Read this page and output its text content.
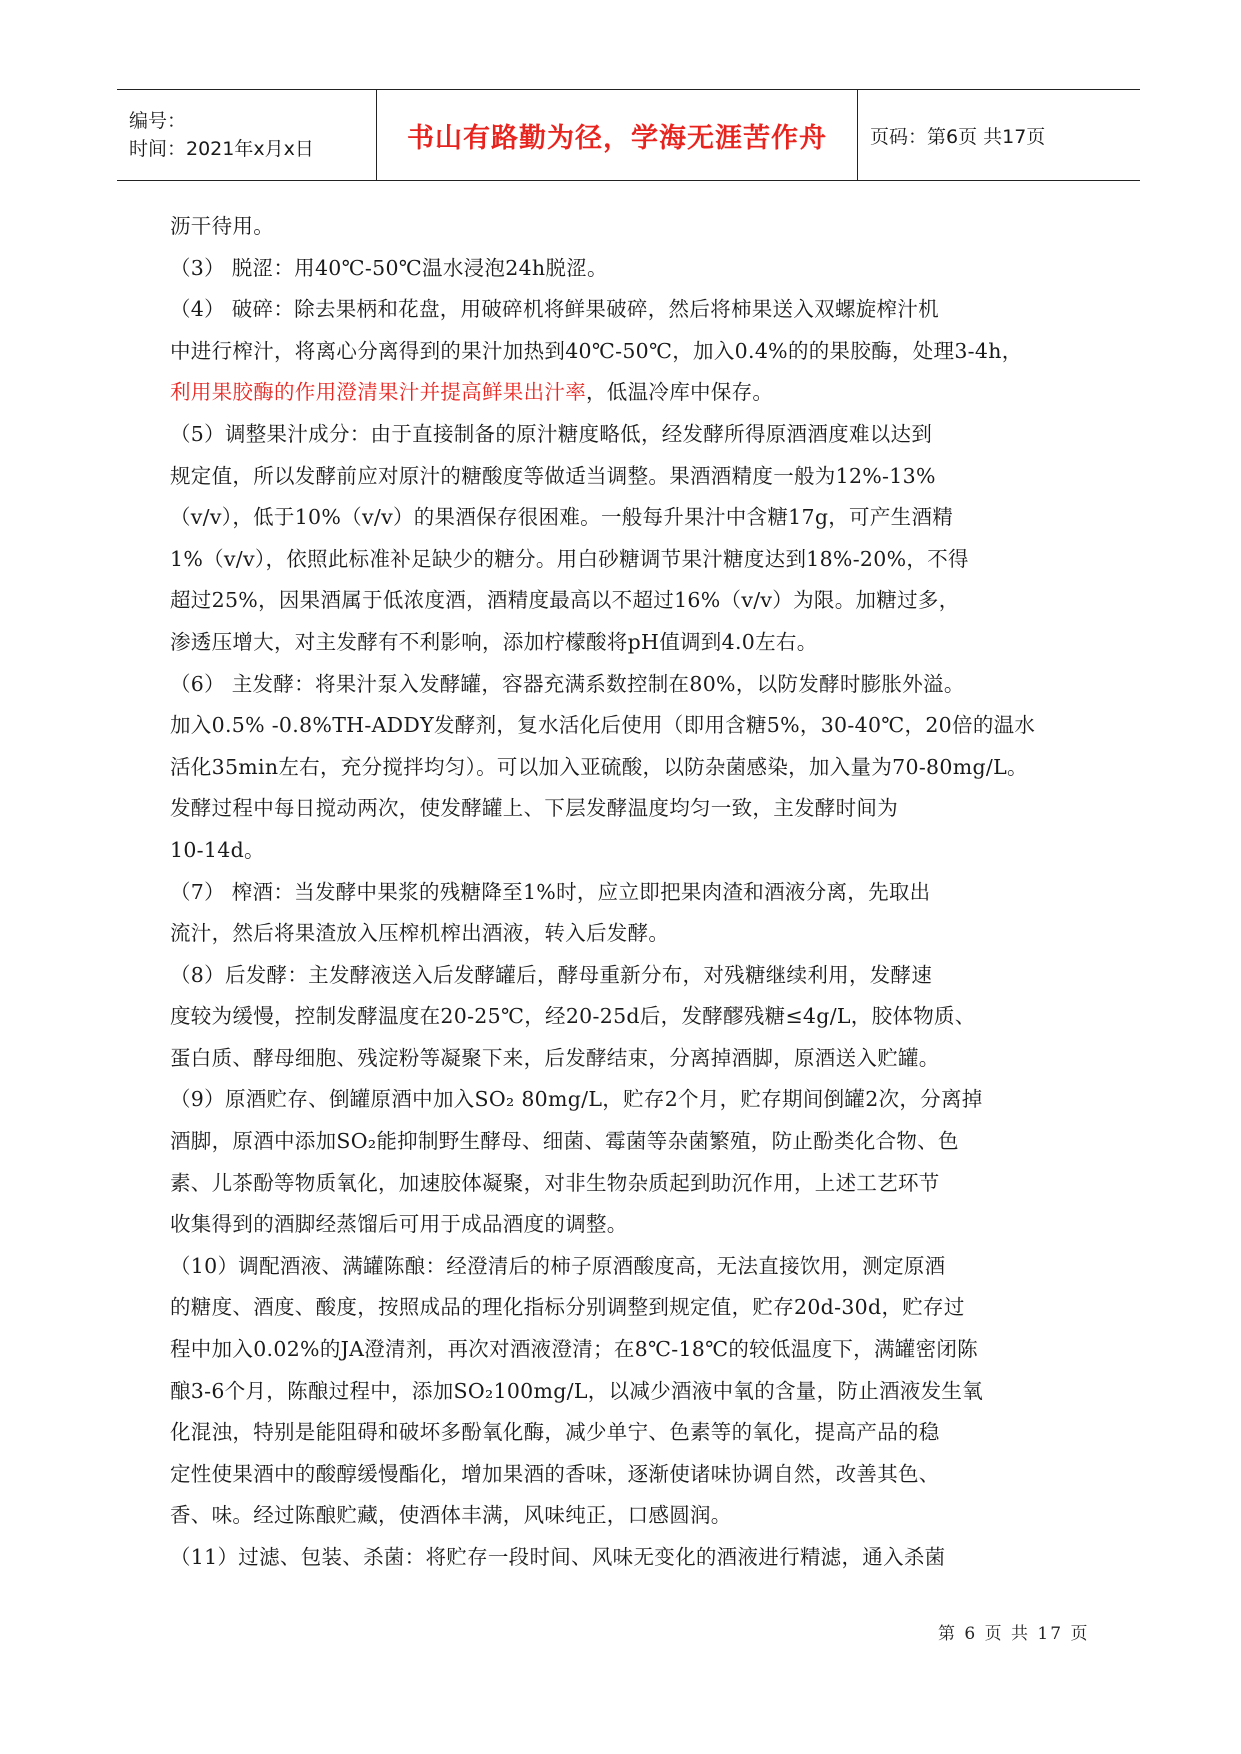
编号：
时间：2021年x月x日	书山有路勤为径，学海无涯苦作舟 页码：第6页 共17页

沥干待用。

（3） 脱涩：用40℃-50℃温水浸泡24h脱涩。

（4） 破碎：除去果柄和花盘，用破碎机将鲜果破碎，然后将柿果送入双螺旋榨汁机

中进行榨汁，将离心分离得到的果汁加热到40℃-50℃，加入0.4%的的果胶酶，处理3-4h，

利用果胶酶的作用澄清果汁并提高鲜果出汁率，低温冷库中保存。

（5）调整果汁成分：由于直接制备的原汁糖度略低，经发酵所得原酒酒度难以达到

规定值，所以发酵前应对原汁的糖酸度等做适当调整。果酒酒精度一般为12%-13%

（v/v），低于10%（v/v）的果酒保存很困难。一般每升果汁中含糖17g，可产生酒精

1%（v/v），依照此标准补足缺少的糖分。用白砂糖调节果汁糖度达到18%-20%，不得

超过25%，因果酒属于低浓度酒，酒精度最高以不超过16%（v/v）为限。加糖过多，

渗透压增大，对主发酵有不利影响，添加柠檬酸将pH值调到4.0左右。

（6） 主发酵：将果汁泵入发酵罐，容器充满系数控制在80%，以防发酵时膨胀外溢。

加入0.5% -0.8%TH-ADDY发酵剂，复水活化后使用（即用含糖5%，30-40℃，20倍的温水

活化35min左右，充分搅拌均匀）。可以加入亚硫酸，以防杂菌感染，加入量为70-80mg/L。

发酵过程中每日搅动两次，使发酵罐上、下层发酵温度均匀一致，主发酵时间为

10-14d。

（7） 榨酒：当发酵中果浆的残糖降至1%时，应立即把果肉渣和酒液分离，先取出

流汁，然后将果渣放入压榨机榨出酒液，转入后发酵。

（8）后发酵：主发酵液送入后发酵罐后，酵母重新分布，对残糖继续利用，发酵速

度较为缓慢，控制发酵温度在20-25℃，经20-25d后，发酵醪残糖≤4g/L，胶体物质、

蛋白质、酵母细胞、残淀粉等凝聚下来，后发酵结束，分离掉酒脚，原酒送入贮罐。

（9）原酒贮存、倒罐原酒中加入SO₂ 80mg/L，贮存2个月，贮存期间倒罐2次，分离掉

酒脚，原酒中添加SO₂能抑制野生酵母、细菌、霉菌等杂菌繁殖，防止酚类化合物、色

素、儿茶酚等物质氧化，加速胶体凝聚，对非生物杂质起到助沉作用，上述工艺环节

收集得到的酒脚经蒸馏后可用于成品酒度的调整。

（10）调配酒液、满罐陈酿：经澄清后的柿子原酒酸度高，无法直接饮用，测定原酒

的糖度、酒度、酸度，按照成品的理化指标分别调整到规定值，贮存20d-30d，贮存过

程中加入0.02%的JA澄清剂，再次对酒液澄清；在8℃-18℃的较低温度下，满罐密闭陈

酿3-6个月，陈酿过程中，添加SO₂100mg/L，以减少酒液中氧的含量，防止酒液发生氧

化混浊，特别是能阻碍和破坏多酚氧化酶，减少单宁、色素等的氧化，提高产品的稳

定性使果酒中的酸醇缓慢酯化，增加果酒的香味，逐渐使诸味协调自然，改善其色、

香、味。经过陈酿贮藏，使酒体丰满，风味纯正，口感圆润。

（11）过滤、包装、杀菌：将贮存一段时间、风味无变化的酒液进行精滤，通入杀菌

第 6 页 共 17 页
